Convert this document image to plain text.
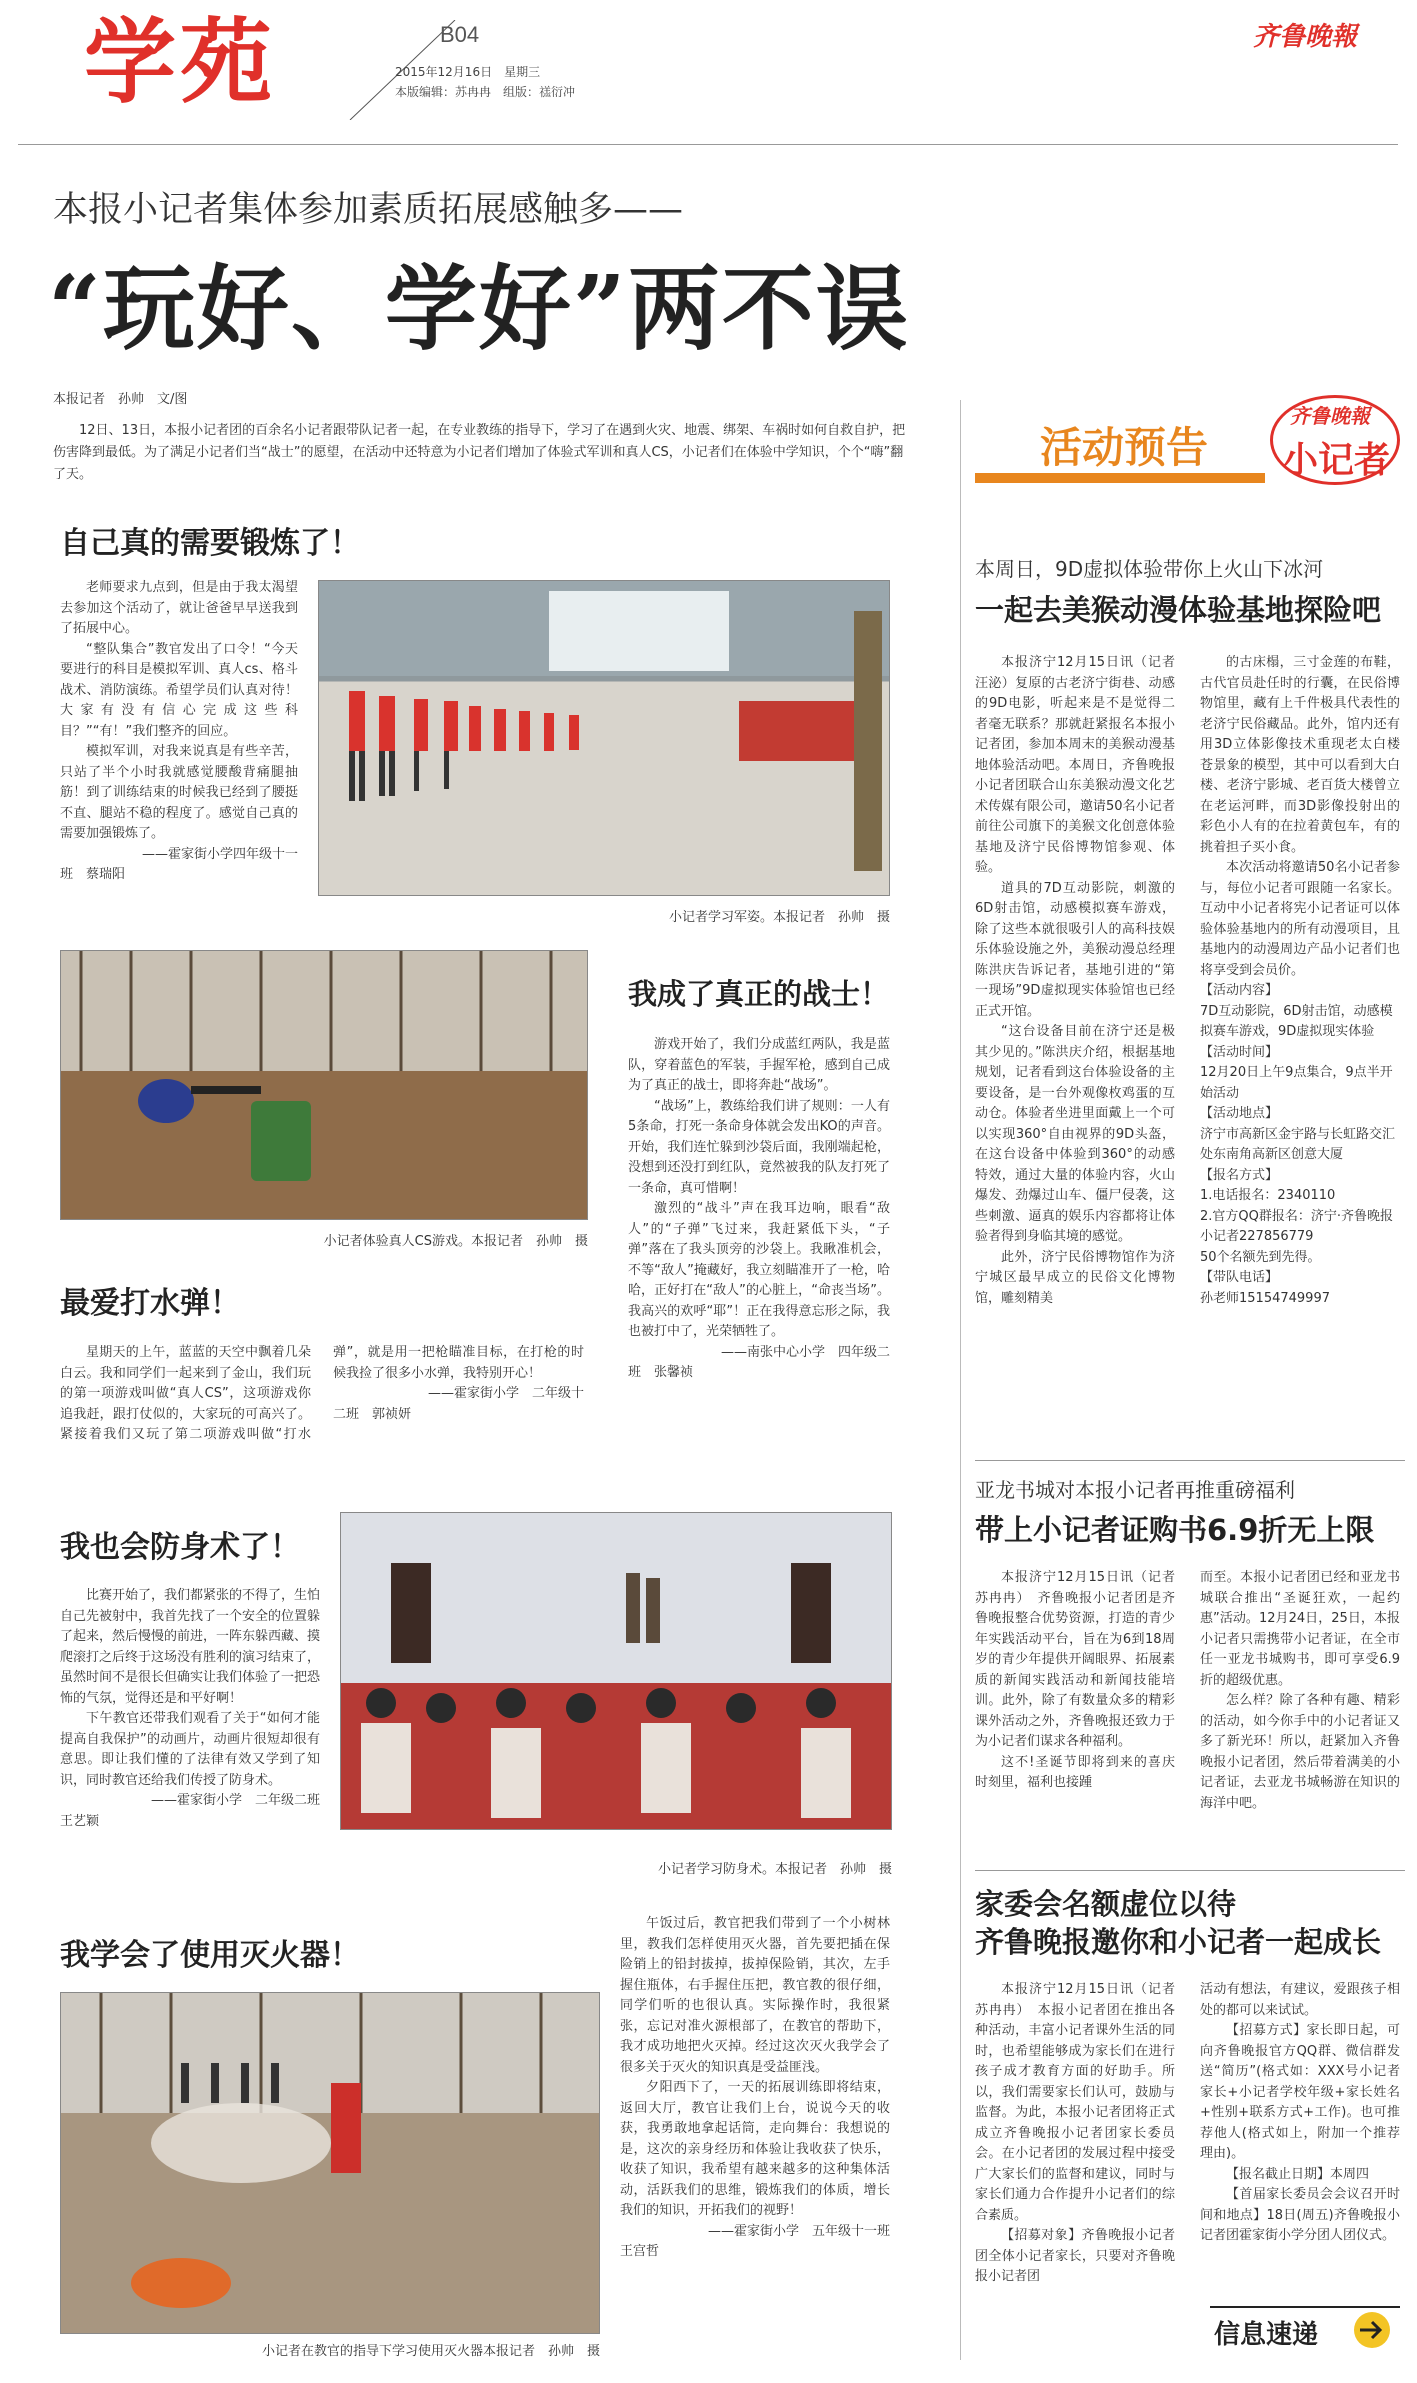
学苑	B04
2015年12月16日　星期三
本版编辑：苏冉冉　组版：禚衍冲
齐鲁晚報
本报小记者集体参加素质拓展感触多——
“玩好、学好”两不误
本报记者　孙帅　文/图
12日、13日，本报小记者团的百余名小记者跟带队记者一起，在专业教练的指导下，学习了在遇到火灾、地震、绑架、车祸时如何自救自护，把伤害降到最低。为了满足小记者们当“战士”的愿望，在活动中还特意为小记者们增加了体验式军训和真人CS，小记者们在体验中学知识，个个“嗨”翻了天。
自己真的需要锻炼了！

老师要求九点到，但是由于我太渴望去参加这个活动了，就让爸爸早早送我到了拓展中心。

“整队集合”教官发出了口令！“今天要进行的科目是模拟军训、真人cs、格斗战术、消防演练。希望学员们认真对待！大家有没有信心完成这些科目？”“有！”我们整齐的回应。

模拟军训，对我来说真是有些辛苦，只站了半个小时我就感觉腰酸背痛腿抽筋！到了训练结束的时候我已经到了腰挺不直、腿站不稳的程度了。感觉自己真的需要加强锻炼了。

——霍家街小学四年级十一

班　蔡瑞阳

小记者学习军姿。本报记者　孙帅　摄
小记者体验真人CS游戏。本报记者　孙帅　摄
我成了真正的战士！

游戏开始了，我们分成蓝红两队，我是蓝队，穿着蓝色的军装，手握军枪，感到自己成为了真正的战士，即将奔赴“战场”。

“战场”上，教练给我们讲了规则：一人有5条命，打死一条命身体就会发出KO的声音。开始，我们连忙躲到沙袋后面，我刚端起枪，没想到还没打到红队，竟然被我的队友打死了一条命，真可惜啊！

激烈的“战斗”声在我耳边响，眼看“敌人”的“子弹”飞过来，我赶紧低下头，“子弹”落在了我头顶旁的沙袋上。我瞅准机会，不等“敌人”掩藏好，我立刻瞄准开了一枪，哈哈，正好打在“敌人”的心脏上，“命丧当场”。我高兴的欢呼“耶”！正在我得意忘形之际，我也被打中了，光荣牺牲了。

——南张中心小学　四年级二

班　张馨祯

最爱打水弹！

星期天的上午，蓝蓝的天空中飘着几朵白云。我和同学们一起来到了金山，我们玩的第一项游戏叫做“真人CS”，这项游戏你追我赶，跟打仗似的，大家玩的可高兴了。紧接着我们又玩了第二项游戏叫做“打水弹”，就是用一把枪瞄准目标，在打枪的时候我捡了很多小水弹，我特别开心！

——霍家街小学　二年级十

二班　郭祯妍

我也会防身术了！

比赛开始了，我们都紧张的不得了，生怕自己先被射中，我首先找了一个安全的位置躲了起来，然后慢慢的前进，一阵东躲西藏、摸爬滚打之后终于这场没有胜利的演习结束了，虽然时间不是很长但确实让我们体验了一把恐怖的气氛，觉得还是和平好啊！

下午教官还带我们观看了关于“如何才能提高自我保护”的动画片，动画片很短却很有意思。即让我们懂的了法律有效又学到了知识，同时教官还给我们传授了防身术。

——霍家街小学　二年级二班

王艺颖

小记者学习防身术。本报记者　孙帅　摄
我学会了使用灭火器！
小记者在教官的指导下学习使用灭火器本报记者　孙帅　摄

午饭过后，教官把我们带到了一个小树林里，教我们怎样使用灭火器，首先要把插在保险销上的铅封拔掉，拔掉保险销，其次，左手握住瓶体，右手握住压把，教官教的很仔细，同学们听的也很认真。实际操作时，我很紧张，忘记对准火源根部了，在教官的帮助下，我才成功地把火灭掉。经过这次灭火我学会了很多关于灭火的知识真是受益匪浅。

夕阳西下了，一天的拓展训练即将结束，返回大厅，教官让我们上台，说说今天的收获，我勇敢地拿起话筒，走向舞台：我想说的是，这次的亲身经历和体验让我收获了快乐，收获了知识，我希望有越来越多的这种集体活动，活跃我们的思维，锻炼我们的体质，增长我们的知识，开拓我们的视野！

——霍家街小学　五年级十一班

王宫哲

活动预告
齐鲁晚報
小记者
本周日，9D虚拟体验带你上火山下冰河
一起去美猴动漫体验基地探险吧

本报济宁12月15日讯（记者　汪泌）复原的古老济宁街巷、动感的9D电影，听起来是不是觉得二者毫无联系？那就赶紧报名本报小记者团，参加本周末的美猴动漫基地体验活动吧。本周日，齐鲁晚报小记者团联合山东美猴动漫文化艺术传媒有限公司，邀请50名小记者前往公司旗下的美猴文化创意体验基地及济宁民俗博物馆参观、体验。

道具的7D互动影院，刺激的6D射击馆，动感模拟赛车游戏，除了这些本就很吸引人的高科技娱乐体验设施之外，美猴动漫总经理陈洪庆告诉记者，基地引进的“第一现场”9D虚拟现实体验馆也已经正式开馆。

“这台设备目前在济宁还是极其少见的。”陈洪庆介绍，根据基地规划，记者看到这台体验设备的主要设备，是一台外观像枚鸡蛋的互动仓。体验者坐进里面戴上一个可以实现360°自由视界的9D头盔，在这台设备中体验到360°的动感特效，通过大量的体验内容，火山爆发、劲爆过山车、僵尸侵袭，这些刺激、逼真的娱乐内容都将让体验者得到身临其境的感觉。

此外，济宁民俗博物馆作为济宁城区最早成立的民俗文化博物馆，雕刻精美

的古床榻，三寸金莲的布鞋，古代官员赴任时的行囊，在民俗博物馆里，藏有上千件极具代表性的老济宁民俗藏品。此外，馆内还有用3D立体影像技术重现老太白楼苍景象的模型，其中可以看到大白楼、老济宁影城、老百货大楼曾立在老运河畔，而3D影像投射出的彩色小人有的在拉着黄包车，有的挑着担子买小食。

本次活动将邀请50名小记者参与，每位小记者可跟随一名家长。互动中小记者将宪小记者证可以体验体验基地内的所有动漫项目，且基地内的动漫周边产品小记者们也将享受到会员价。

【活动内容】

7D互动影院，6D射击馆，动感模拟赛车游戏，9D虚拟现实体验

【活动时间】

12月20日上午9点集合，9点半开始活动

【活动地点】

济宁市高新区金宇路与长虹路交汇处东南角高新区创意大厦

【报名方式】

1.电话报名：2340110

2.官方QQ群报名：济宁·齐鲁晚报小记者227856779

50个名额先到先得。

【带队电话】

孙老师15154749997

亚龙书城对本报小记者再推重磅福利
带上小记者证购书6.9折无上限

本报济宁12月15日讯（记者　苏冉冉）　齐鲁晚报小记者团是齐鲁晚报整合优势资源，打造的青少年实践活动平台，旨在为6到18周岁的青少年提供开阔眼界、拓展素质的新闻实践活动和新闻技能培训。此外，除了有数量众多的精彩课外活动之外，齐鲁晚报还致力于为小记者们谋求各种福利。

这不!圣诞节即将到来的喜庆时刻里，福利也接踵

而至。本报小记者团已经和亚龙书城联合推出“圣诞狂欢，一起约惠”活动。12月24日，25日，本报小记者只需携带小记者证，在全市任一亚龙书城购书，即可享受6.9折的超级优惠。

怎么样？除了各种有趣、精彩的活动，如今你手中的小记者证又多了新光环！所以，赶紧加入齐鲁晚报小记者团，然后带着满美的小记者证，去亚龙书城畅游在知识的海洋中吧。

家委会名额虚位以待
齐鲁晚报邀你和小记者一起成长

本报济宁12月15日讯（记者　苏冉冉）　本报小记者团在推出各种活动，丰富小记者课外生活的同时，也希望能够成为家长们在进行孩子成才教育方面的好助手。所以，我们需要家长们认可，鼓励与监督。为此，本报小记者团将正式成立齐鲁晚报小记者团家长委员会。在小记者团的发展过程中接受广大家长们的监督和建议，同时与家长们通力合作提升小记者们的综合素质。

【招募对象】齐鲁晚报小记者团全体小记者家长，只要对齐鲁晚报小记者团

活动有想法，有建议，爱跟孩子相处的都可以来试试。

【招募方式】家长即日起，可向齐鲁晚报官方QQ群、微信群发送“简历”(格式如：XXX号小记者家长+小记者学校年级+家长姓名+性别+联系方式+工作)。也可推荐他人(格式如上，附加一个推荐理由)。

【报名截止日期】本周四

【首届家长委员会会议召开时间和地点】18日(周五)齐鲁晚报小记者团霍家街小学分团人团仪式。

信息速递
